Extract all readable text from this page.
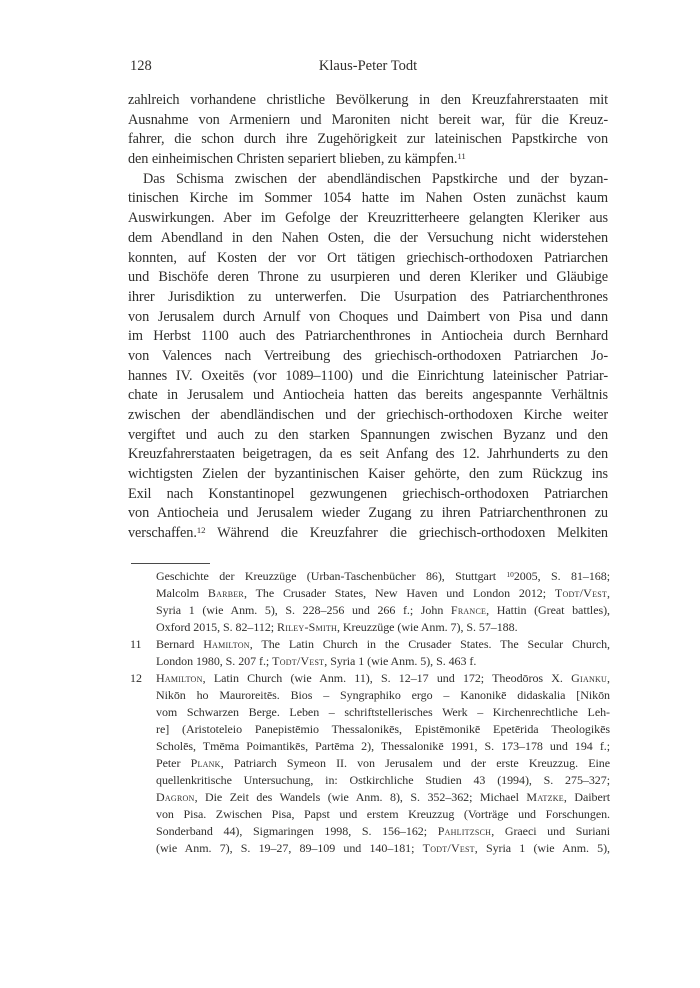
128	Klaus-Peter Todt
zahlreich vorhandene christliche Bevölkerung in den Kreuzfahrerstaaten mit
Ausnahme von Armeniern und Maroniten nicht bereit war, für die Kreuz-
fahrer, die schon durch ihre Zugehörigkeit zur lateinischen Papstkirche von
den einheimischen Christen separiert blieben, zu kämpfen.$^{11}$
Das Schisma zwischen der abendländischen Papstkirche und der byzan-
tinischen Kirche im Sommer 1054 hatte im Nahen Osten zunächst kaum
Auswirkungen. Aber im Gefolge der Kreuzritterheere gelangten Kleriker aus
dem Abendland in den Nahen Osten, die der Versuchung nicht widerstehen
konnten, auf Kosten der vor Ort tätigen griechisch-orthodoxen Patriarchen
und Bischöfe deren Throne zu usurpieren und deren Kleriker und Gläubige
ihrer Jurisdiktion zu unterwerfen. Die Usurpation des Patriarchenthrones
von Jerusalem durch Arnulf von Choques und Daimbert von Pisa und dann
im Herbst 1100 auch des Patriarchenthrones in Antiocheia durch Bernhard
von Valences nach Vertreibung des griechisch-orthodoxen Patriarchen Jo-
hannes IV. Oxeitēs (vor 1089–1100) und die Einrichtung lateinischer Patriar-
chate in Jerusalem und Antiocheia hatten das bereits angespannte Verhältnis
zwischen der abendländischen und der griechisch-orthodoxen Kirche weiter
vergiftet und auch zu den starken Spannungen zwischen Byzanz und den
Kreuzfahrerstaaten beigetragen, da es seit Anfang des 12. Jahrhunderts zu den
wichtigsten Zielen der byzantinischen Kaiser gehörte, den zum Rückzug ins
Exil nach Konstantinopel gezwungenen griechisch-orthodoxen Patriarchen
von Antiocheia und Jerusalem wieder Zugang zu ihren Patriarchenthronen zu
verschaffen.$^{12}$ Während die Kreuzfahrer die griechisch-orthodoxen Melkiten
Geschichte der Kreuzzüge (Urban-Taschenbücher 86), Stuttgart $^{10}$2005, S. 81–168;
Malcolm Barber, The Crusader States, New Haven und London 2012; Todt/Vest,
Syria 1 (wie Anm. 5), S. 228–256 und 266 f.; John France, Hattin (Great battles),
Oxford 2015, S. 82–112; Riley-Smith, Kreuzzüge (wie Anm. 7), S. 57–188.
11 Bernard Hamilton, The Latin Church in the Crusader States. The Secular Church,
London 1980, S. 207 f.; Todt/Vest, Syria 1 (wie Anm. 5), S. 463 f.
12 Hamilton, Latin Church (wie Anm. 11), S. 12–17 und 172; Theodōros X. Gianku,
Nikōn ho Mauroreitēs. Bios – Syngraphiko ergo – Kanonikē didaskalia [Nikōn
vom Schwarzen Berge. Leben – schriftstellerisches Werk – Kirchenrechtliche Leh-
re] (Aristoteleio Panepistēmio Thessalonikēs, Epistēmonikē Epetērida Theologikēs
Scholēs, Tmēma Poimantikēs, Partēma 2), Thessalonikē 1991, S. 173–178 und 194 f.;
Peter Plank, Patriarch Symeon II. von Jerusalem und der erste Kreuzzug. Eine
quellenkritische Untersuchung, in: Ostkirchliche Studien 43 (1994), S. 275–327;
Dagron, Die Zeit des Wandels (wie Anm. 8), S. 352–362; Michael Matzke, Daibert
von Pisa. Zwischen Pisa, Papst und erstem Kreuzzug (Vorträge und Forschungen.
Sonderband 44), Sigmaringen 1998, S. 156–162; Pahlitzsch, Graeci und Suriani
(wie Anm. 7), S. 19–27, 89–109 und 140–181; Todt/Vest, Syria 1 (wie Anm. 5),
